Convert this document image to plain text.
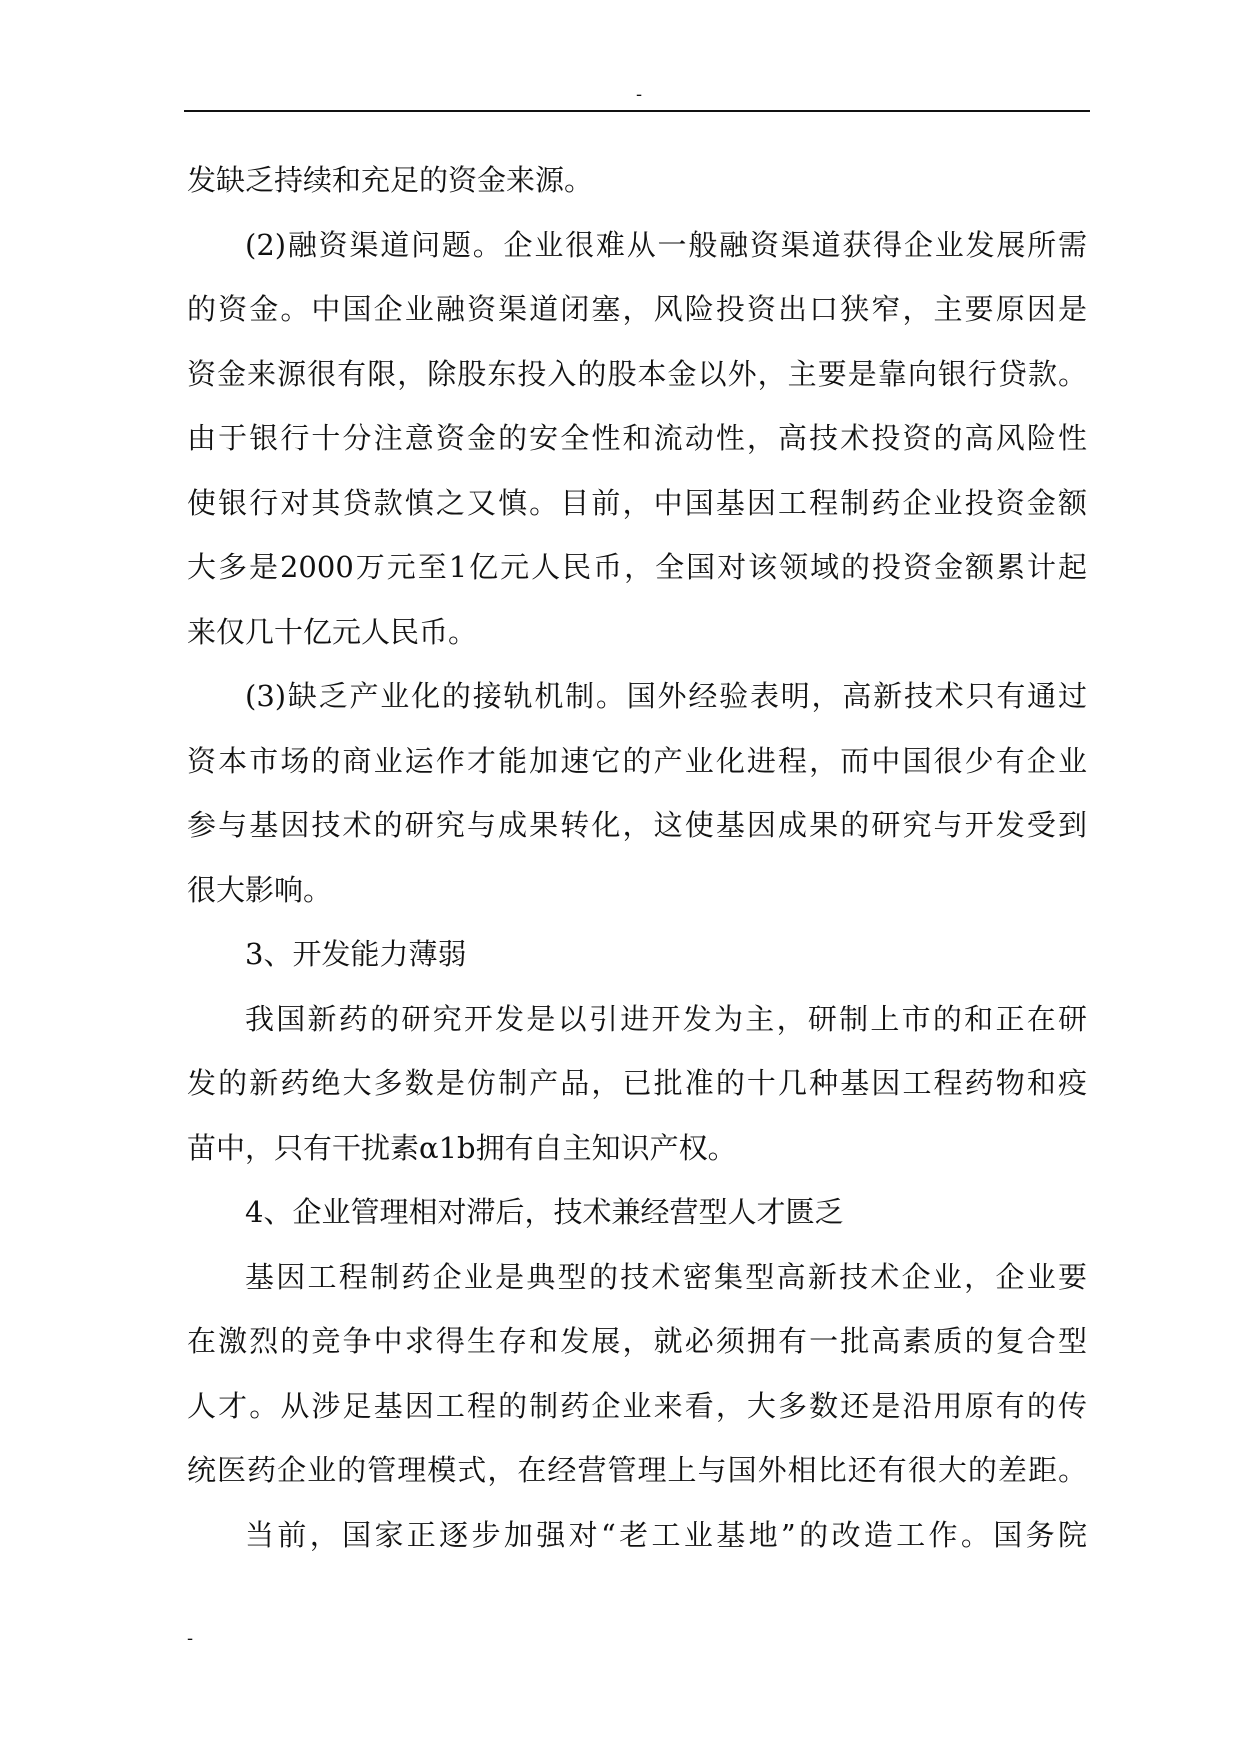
-
发缺乏持续和充足的资金来源。
(2)融资渠道问题。企业很难从一般融资渠道获得企业发展所需
的资金。中国企业融资渠道闭塞，风险投资出口狭窄，主要原因是
资金来源很有限，除股东投入的股本金以外，主要是靠向银行贷款。
由于银行十分注意资金的安全性和流动性，高技术投资的高风险性
使银行对其贷款慎之又慎。目前，中国基因工程制药企业投资金额
大多是2000万元至1亿元人民币，全国对该领域的投资金额累计起
来仅几十亿元人民币。
(3)缺乏产业化的接轨机制。国外经验表明，高新技术只有通过
资本市场的商业运作才能加速它的产业化进程，而中国很少有企业
参与基因技术的研究与成果转化，这使基因成果的研究与开发受到
很大影响。
3、开发能力薄弱
我国新药的研究开发是以引进开发为主，研制上市的和正在研
发的新药绝大多数是仿制产品，已批准的十几种基因工程药物和疫
苗中，只有干扰素α1b拥有自主知识产权。
4、企业管理相对滞后，技术兼经营型人才匮乏
基因工程制药企业是典型的技术密集型高新技术企业，企业要
在激烈的竞争中求得生存和发展，就必须拥有一批高素质的复合型
人才。从涉足基因工程的制药企业来看，大多数还是沿用原有的传
统医药企业的管理模式，在经营管理上与国外相比还有很大的差距。
当前，国家正逐步加强对“老工业基地”的改造工作。国务院
-
